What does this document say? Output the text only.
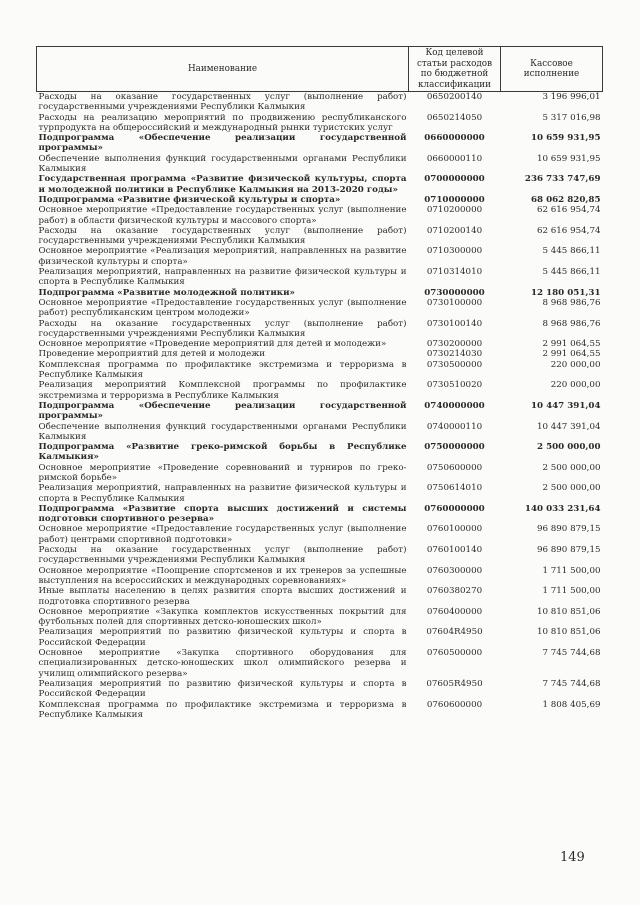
Наименование	Код целевой статьи расходов по бюджетной классификации	Кассовое исполнение
Расходы на оказание государственных услуг (выполнение работ) государственными учреждениями Республики Калмыкия	0650200140	3 196 996,01
Расходы на реализацию мероприятий по продвижению республиканского турпродукта на общероссийский и международный рынки туристских услуг	0650214050	5 317 016,98
Подпрограмма «Обеспечение реализации государственной программы»	0660000000	10 659 931,95
Обеспечение выполнения функций государственными органами Республики Калмыкия	0660000110	10 659 931,95
Государственная программа «Развитие физической культуры, спорта и молодежной политики в Республике Калмыкия на 2013-2020 годы»	0700000000	236 733 747,69
Подпрограмма «Развитие физической культуры и спорта»	0710000000	68 062 820,85
Основное мероприятие «Предоставление государственных услуг (выполнение работ) в области физической культуры и массового спорта»	0710200000	62 616 954,74
Расходы на оказание государственных услуг (выполнение работ) государственными учреждениями Республики Калмыкия	0710200140	62 616 954,74
Основное мероприятие «Реализация мероприятий, направленных на развитие физической культуры и спорта»	0710300000	5 445 866,11
Реализация мероприятий, направленных на развитие физической культуры и спорта в Республике Калмыкия	0710314010	5 445 866,11
Подпрограмма «Развитие молодежной политики»	0730000000	12 180 051,31
Основное мероприятие «Предоставление государственных услуг (выполнение работ) республиканским центром молодежи»	0730100000	8 968 986,76
Расходы на оказание государственных услуг (выполнение работ) государственными учреждениями Республики Калмыкия	0730100140	8 968 986,76
Основное мероприятие «Проведение мероприятий для детей и молодежи»	0730200000	2 991 064,55
Проведение мероприятий для детей и молодежи	0730214030	2 991 064,55
Комплексная программа по профилактике экстремизма и терроризма в Республике Калмыкия	0730500000	220 000,00
Реализация мероприятий Комплексной программы по профилактике экстремизма и терроризма в Республике Калмыкия	0730510020	220 000,00
Подпрограмма «Обеспечение реализации государственной программы»	0740000000	10 447 391,04
Обеспечение выполнения функций государственными органами Республики Калмыкия	0740000110	10 447 391,04
Подпрограмма «Развитие греко-римской борьбы в Республике Калмыкия»	0750000000	2 500 000,00
Основное мероприятие «Проведение соревнований и турниров по греко-римской борьбе»	0750600000	2 500 000,00
Реализация мероприятий, направленных на развитие физической культуры и спорта в Республике Калмыкия	0750614010	2 500 000,00
Подпрограмма «Развитие спорта высших достижений и системы подготовки спортивного резерва»	0760000000	140 033 231,64
Основное мероприятие «Предоставление государственных услуг (выполнение работ) центрами спортивной подготовки»	0760100000	96 890 879,15
Расходы на оказание государственных услуг (выполнение работ) государственными учреждениями Республики Калмыкия	0760100140	96 890 879,15
Основное мероприятие «Поощрение спортсменов и их тренеров за успешные выступления на всероссийских и международных соревнованиях»	0760300000	1 711 500,00
Иные выплаты населению в целях развития спорта высших достижений и подготовка спортивного резерва	0760380270	1 711 500,00
Основное мероприятие «Закупка комплектов искусственных покрытий для футбольных полей для спортивных детско-юношеских школ»	0760400000	10 810 851,06
Реализация мероприятий по развитию физической культуры и спорта в Российской Федерации	07604R4950	10 810 851,06
Основное мероприятие «Закупка спортивного оборудования для специализированных детско-юношеских школ олимпийского резерва и училищ олимпийского резерва»	0760500000	7 745 744,68
Реализация мероприятий по развитию физической культуры и спорта в Российской Федерации	07605R4950	7 745 744,68
Комплексная программа по профилактике экстремизма и терроризма в Республике Калмыкия	0760600000	1 808 405,69
149
